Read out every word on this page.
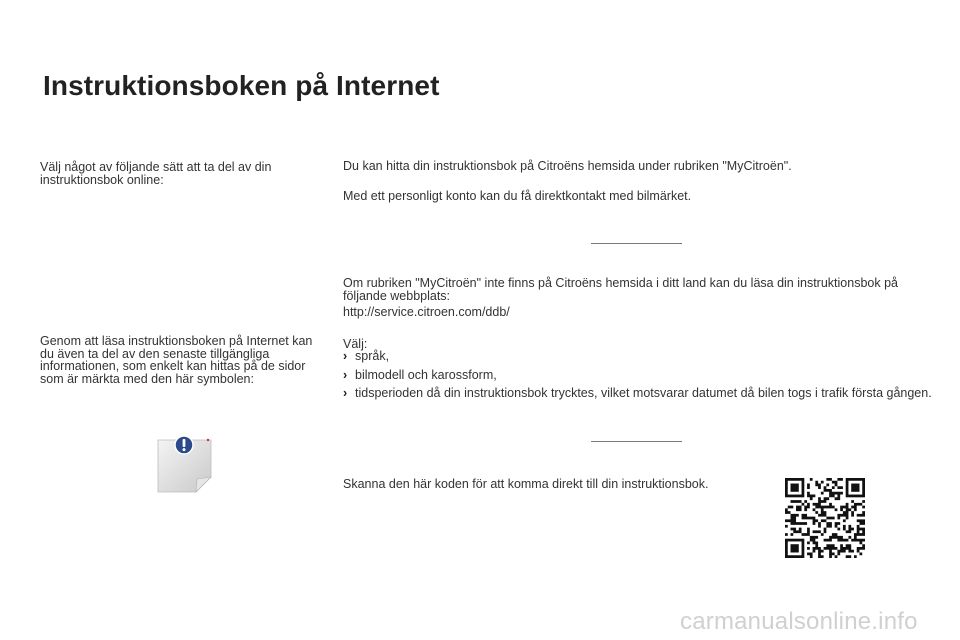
Instruktionsboken på Internet
Välj något av följande sätt att ta del av din instruktionsbok online:
Genom att läsa instruktionsboken på Internet kan du även ta del av den senaste tillgängliga informationen, som enkelt kan hittas på de sidor som är märkta med den här symbolen:
Du kan hitta din instruktionsbok på Citroëns hemsida under rubriken "MyCitroën".
Med ett personligt konto kan du få direktkontakt med bilmärket.
Om rubriken "MyCitroën" inte finns på Citroëns hemsida i ditt land kan du läsa din instruktionsbok på följande webbplats:
http://service.citroen.com/ddb/
Välj:
› språk,
› bilmodell och karossform,
› tidsperioden då din instruktionsbok trycktes, vilket motsvarar datumet då bilen togs i trafik första gången.
Skanna den här koden för att komma direkt till din instruktionsbok.
carmanualsonline.info
